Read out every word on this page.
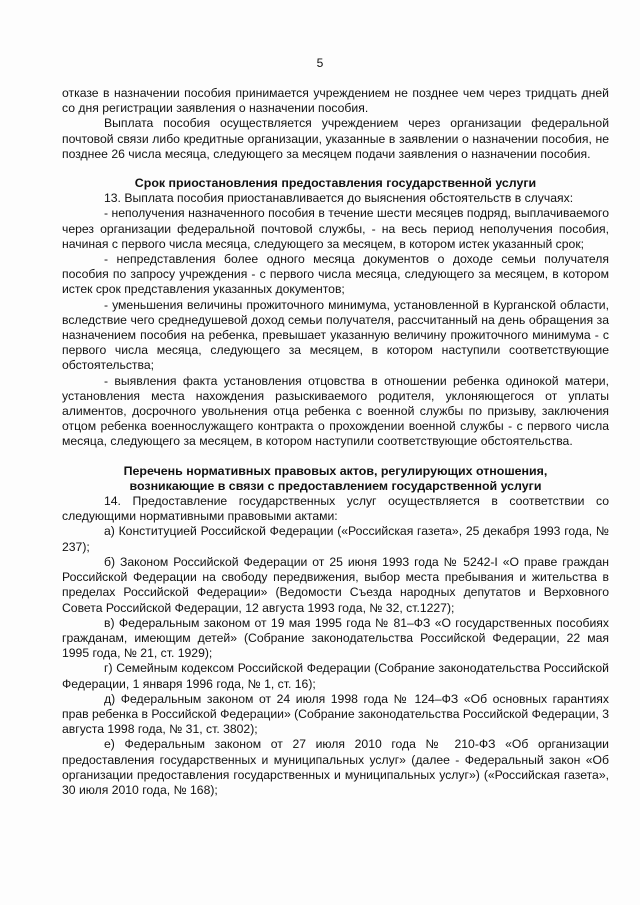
5

отказе в назначении пособия принимается учреждением не позднее чем через тридцать дней со дня регистрации заявления о назначении пособия.

Выплата пособия осуществляется учреждением через организации федеральной почтовой связи либо кредитные организации, указанные в заявлении о назначении пособия, не позднее 26 числа месяца, следующего за месяцем подачи заявления о назначении пособия.

Срок приостановления предоставления государственной услуги

13. Выплата пособия приостанавливается до выяснения обстоятельств в случаях:

- неполучения назначенного пособия в течение шести месяцев подряд, выплачиваемого через организации федеральной почтовой службы, - на весь период неполучения пособия, начиная с первого числа месяца, следующего за месяцем, в котором истек указанный срок;

- непредставления более одного месяца документов о доходе семьи получателя пособия по запросу учреждения - с первого числа месяца, следующего за месяцем, в котором истек срок представления указанных документов;

- уменьшения величины прожиточного минимума, установленной в Курганской области, вследствие чего среднедушевой доход семьи получателя, рассчитанный на день обращения за назначением пособия на ребенка, превышает указанную величину прожиточного минимума - с первого числа месяца, следующего за месяцем, в котором наступили соответствующие обстоятельства;

- выявления факта установления отцовства в отношении ребенка одинокой матери, установления места нахождения разыскиваемого родителя, уклоняющегося от уплаты алиментов, досрочного увольнения отца ребенка с военной службы по призыву, заключения отцом ребенка военнослужащего контракта о прохождении военной службы - с первого числа месяца, следующего за месяцем, в котором наступили соответствующие обстоятельства.

Перечень нормативных правовых актов, регулирующих отношения,
возникающие в связи с предоставлением государственной услуги

14. Предоставление государственных услуг осуществляется в соответствии со следующими нормативными правовыми актами:

а) Конституцией Российской Федерации («Российская газета», 25 декабря 1993 года, № 237);

б) Законом Российской Федерации от 25 июня 1993 года № 5242-I «О праве граждан Российской Федерации на свободу передвижения, выбор места пребывания и жительства в пределах Российской Федерации» (Ведомости Съезда народных депутатов и Верховного Совета Российской Федерации, 12 августа 1993 года, № 32, ст.1227);

в) Федеральным законом от 19 мая 1995 года № 81–ФЗ «О государственных пособиях гражданам, имеющим детей» (Собрание законодательства Российской Федерации, 22 мая 1995 года, № 21, ст. 1929);

г) Семейным кодексом Российской Федерации (Собрание законодательства Российской Федерации, 1 января 1996 года, № 1, ст. 16);

д) Федеральным законом от 24 июля 1998 года № 124–ФЗ «Об основных гарантиях прав ребенка в Российской Федерации» (Собрание законодательства Российской Федерации, 3 августа 1998 года, № 31, ст. 3802);

е) Федеральным законом от 27 июля 2010 года № 210-ФЗ «Об организации предоставления государственных и муниципальных услуг» (далее - Федеральный закон «Об организации предоставления государственных и муниципальных услуг») («Российская газета», 30 июля 2010 года, № 168);
